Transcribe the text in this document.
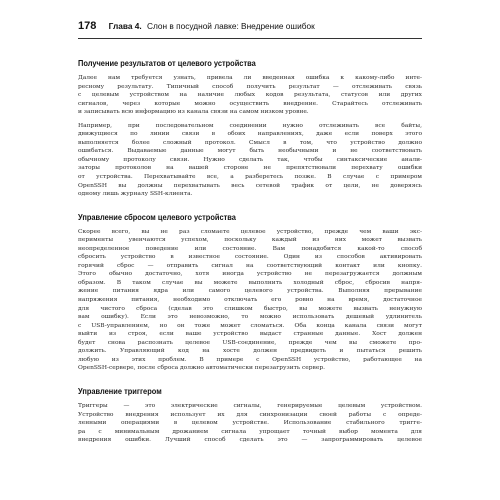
178 Глава 4. Слон в посудной лавке: Внедрение ошибок
Получение результатов от целевого устройства
Далее нам требуется узнать, привела ли введенная ошибка к какому-либо инте-
ресному результату. Типичный способ получить результат — отслеживать связь
с целевым устройством на наличие любых кодов результата, статусов или других
сигналов, через которые можно осуществить внедрение. Старайтесь отслеживать
и записывать всю информацию из канала связи на самом низком уровне.
Например, при последовательном соединении нужно отслеживать все байты,
движущиеся по линии связи в обоих направлениях, даже если поверх этого
выполняется более сложный протокол. Смысл в том, что устройство должно
ошибаться. Выдаваемые данные могут быть необычными и не соответствовать
обычному протоколу связи. Нужно сделать так, чтобы синтаксические анали-
заторы протоколов на вашей стороне не препятствовали перехвату ошибки
от устройства. Перехватывайте все, а разберетесь позже. В случае с примером
OpenSSH вы должны перехватывать весь сетевой трафик от цели, не доверяясь
одному лишь журналу SSH-клиента.
Управление сбросом целевого устройства
Скорее всего, вы не раз сломаете целевое устройство, прежде чем ваши экс-
перименты увенчаются успехом, поскольку каждый из них может вызвать
неопределенное поведение или состояние. Вам понадобится какой-то способ
сбросить устройство в известное состояние. Один из способов активировать
горячий сброс — отправить сигнал на соответствующий контакт или кнопку.
Этого обычно достаточно, хотя иногда устройство не перезагружается должным
образом. В таком случае вы можете выполнить холодный сброс, сбросив напря-
жение питания ядра или самого целевого устройства. Выполняя прерывание
напряжения питания, необходимо отключать его ровно на время, достаточное
для чистого сброса (сделав это слишком быстро, вы можете вызвать ненужную
вам ошибку). Если это невозможно, то можно использовать дешевый удлинитель
с USB-управлением, но он тоже может сломаться. Оба конца канала связи могут
выйти из строя, если ваше устройство выдаст странные данные. Хост должен
будет снова распознать целевое USB-соединение, прежде чем вы сможете про-
должить. Управляющий код на хосте должен предвидеть и пытаться решить
любую из этих проблем. В примере с OpenSSH устройство, работающее на
OpenSSH-сервере, после сброса должно автоматически перезагрузить сервер.
Управление триггером
Триггеры — это электрические сигналы, генерируемые целевым устройством.
Устройство внедрения использует их для синхронизации своей работы с опреде-
ленными операциями в целевом устройстве. Использование стабильного тригге-
ра с минимальным дрожанием сигнала упрощает точный выбор момента для
внедрения ошибки. Лучший способ сделать это — запрограммировать целевое
